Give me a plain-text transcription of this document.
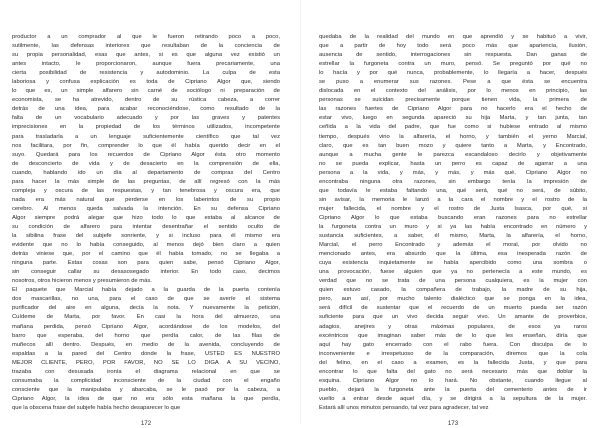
productor a un comprador al que le fueron retirando poco a poco,
sutilmente, las defensas interiores que resultaban de la conciencia de
su propia personalidad, esas que antes, si es que alguna vez existió un
antes intacto, le proporcionaron, aunque fuera precariamente, una
cierta posibilidad de resistencia y autodominio. La culpa de esta
laboriosa y confusa explicación es toda de Cipriano Algor que, siendo
lo que es, un simple alfarero sin carné de sociólogo ni preparación de
economista, se ha atrevido, dentro de su rústica cabeza, a correr
detrás de una idea, para acabar reconociéndose, como resultado de la
falta de un vocabulario adecuado y por las graves y patentes
imprecisiones en la propiedad de los términos utilizados, incompetente
para trasladarla a un lenguaje suficientemente científico que tal vez
nos facilitara, por fin, comprender lo que él había querido decir en el
suyo. Quedará para los recuerdos de Cipriano Algor ésta otro momento
de desconcierto de vida y de desacierto en la comprensión de ella,
cuando, hablando ido un día al departamento de compras del Centro
para hacer la más simple de las preguntas, de allí regresó con la más
compleja y oscura de las respuestas, y tan tenebrosa y oscura era, que
nada era más natural que perderse en los laberintos de su propio
cerebro. Al menos queda salvada la intención. En su defensa Cipriano
Algor siempre podrá alegar que hizo todo lo que estaba al alcance de
su condición de alfarero para intentar desentrañar el sentido oculto de
la sibilina frase del subjefe sonriente, y si incluso para él mismo era
evidente que no lo había conseguido, al menos dejó bien claro a quien
detrás viniese que, por el camino que él había tomado, no se llegaba a
ninguna parte. Estas cosas son para quien sabe, pensó Cipriano Algor,
sin conseguir callar su desasosegado interior. En todo caso, decimos
nosotros, otros hicieron menos y presumieron de más.
El paquete que Marcial había dejado a la guarda de la puerta contenía
dos mascarillas, no una, para el caso de que se averíe el sistema
purificador del aire en alguna, decía la nota. Y nuevamente la petición,
Cuídeme de Marta, por favor. En casi la hora del almuerzo, una
mañana perdida, pensó Cipriano Algor, acordándose de los modelos, del
barro que esperaba, del horno que perdía calor, de las filas de
muñecos allí dentro. Después, en medio de la avenida, concluyendo de
espaldas a la pared del Centro donde la frase, USTED ES NUESTRO
MEJOR CLIENTE, PERO, POR FAVOR, NO SE LO DIGA A SU VECINO,
trazaba con desusada ironía el diagrama relacional en que se
consumaba la complicidad inconsciente de la ciudad con el engaño
consciente que la manipulaba y abarcaba, se le pasó por la cabeza, a
Cipriano Algor, la idea de que no era sólo esta mañana la que perdía,
que la obscena frase del subjefe había hecho desaparecer lo que
172
quedaba de la realidad del mundo en que aprendió y se habituó a vivir,
que a partir de hoy todo será poco más que apariencia, ilusión,
ausencia de sentido, interrogaciones sin respuesta. Dan ganas de
estrellar la furgoneta contra un muro, pensó. Se preguntó por qué no
lo hacía y por qué nunca, probablemente, lo llegaría a hacer, después
se puso a enumerar sus razones. Pese a que ésta se encuentra
dislocada en el contexto del análisis, por lo menos en principio, las
personas se suicidan precisamente porque tienen vida, la primera de
las razones fuertes de Cipriano Algor para no hacerlo era el hecho de
estar vivo, luego en segunda apareció su hija Marta, y tan junta, tan
ceñida a la vida del padre, que fue como si hubiese entrado al mismo
tiempo, después vino la alfarería, el horno, y también el yerno Marcial,
claro, que es tan buen mozo y quiere tanto a Marta, y Encontrado,
aunque a mucha gente le parezca escandaloso decirlo y objetivamente
no se pueda explicar, hasta un perro es capaz de agarrar a una
persona a la vida, y más, y más, y más qué, Cipriano Algor no
encontraba ninguna otra razones, sin embargo tenía la impresión de
que todavía le estaba faltando una, qué será, qué no será, de súbito,
sin avisar, la memoria le lanzó a la cara el nombre y el rostro de la
mujer fallecida, el nombre y el rostro de Justa Isasca, por qué, si
Cipriano Algor lo que estaba buscando eran razones para no estrellar
la furgoneta contra un muro y si ya las había encontrado en número y
sustancia suficientes, a saber, él mismo, Marta, la alfarería, el horno,
Marcial, el perro Encontrado y además el moral, por olvido no
mencionado antes, era absurdo que la última, esa inesperada razón de
cuya existencia inquietamente se había apercibido como una sombra o
una provocación, fuese alguien que ya no pertenecía a este mundo, es
verdad que no se trata de una persona cualquiera, es la mujer con
quien estuvo casado, la compañera de trabajo, la madre de su hija,
pero, aun así, por mucho talento dialéctico que se ponga en la idea,
será difícil de sustentar que el recuerdo de un muerto pueda ser razón
suficiente para que un vivo decida seguir vivo. Un amante de proverbios,
adagios, anejires y otras máximas populares, de esos ya raros
excéntricos que imaginan saber más de lo que les enseñan, diría que
aquí hay gato encerrado con el rabo fuera. Con disculpa de lo
inconveniente e irrespetuoso de la comparación, diremos que la cola
del felino, en el caso a examen, es la fallecida Justa, y que para
encontrar lo que falta del gato no será necesario más que doblar la
esquina. Cipriano Algor no lo hará. No obstante, cuando llegue al
pueblo, dejará la furgoneta ante la puerta del cementerio antes de ir
vuelto a entrar desde aquel día, y se dirigirá a la sepultura de la mujer.
Estará allí unos minutos pensando, tal vez para agradecer, tal vez
173
